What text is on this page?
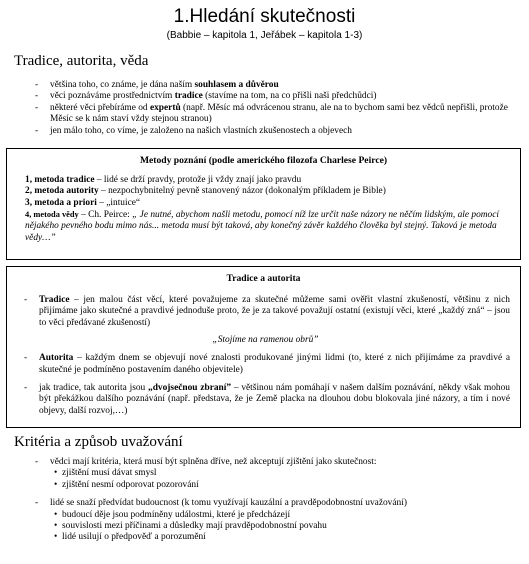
1.Hledání skutečnosti
(Babbie – kapitola 1, Jeřábek – kapitola 1-3)
Tradice, autorita, věda
- většina toho, co známe, je dána naším souhlasem a důvěrou
- věci poznáváme prostřednictvím tradice (stavíme na tom, na co přišli naši předchůdci)
- některé věci přebíráme od expertů (např. Měsíc má odvrácenou stranu, ale na to bychom sami bez vědců nepřišli, protože Měsíc se k nám staví vždy stejnou stranou)
- jen málo toho, co víme, je založeno na našich vlastních zkušenostech a objevech
Metody poznání (podle amerického filozofa Charlese Peirce)
1, metoda tradice – lidé se drží pravdy, protože ji vždy znají jako pravdu
2, metoda autority – nezpochybnitelný pevně stanovený názor (dokonalým příkladem je Bible)
3, metoda a priori – „intuice“
4, metoda vědy – Ch. Peirce: „ Je nutné, abychom našli metodu, pomocí níž lze určit naše názory ne něčím lidským, ale pomocí nějakého pevného bodu mimo nás... metoda musí být taková, aby konečný závěr každého člověka byl stejný. Taková je metoda vědy…”
Tradice a autorita
- Tradice – jen malou část věcí, které považujeme za skutečné můžeme sami ověřit vlastní zkušeností, většinu z nich přijímáme jako skutečné a pravdivé jednoduše proto, že je za takové považují ostatní (existují věci, které „každý zná“ – jsou to věci předávané zkušeností)
„Stojíme na ramenou obrů”
- Autorita – každým dnem se objevují nové znalosti produkované jinými lidmi (to, které z nich přijímáme za pravdivé a skutečné je podmíněno postavením daného objevitele)
- jak tradice, tak autorita jsou „dvojsečnou zbraní” – většinou nám pomáhají v našem dalším poznávání, někdy však mohou být překážkou dalšího poznávání (např. představa, že je Země placka na dlouhou dobu blokovala jiné názory, a tím i nové objevy, další rozvoj,…)
Kritéria a způsob uvažování
- vědci mají kritéria, která musí být splněna dříve, než akceptují zjištění jako skutečnost:
• zjištění musí dávat smysl
• zjištění nesmí odporovat pozorování
- lidé se snaží předvídat budoucnost (k tomu využívají kauzální a pravděpodobnostní uvažování)
• budoucí děje jsou podmíněny událostmi, které je předcházejí
• souvislosti mezi příčinami a důsledky mají pravděpodobnostní povahu
• lidé usilují o předpověď a porozumění
